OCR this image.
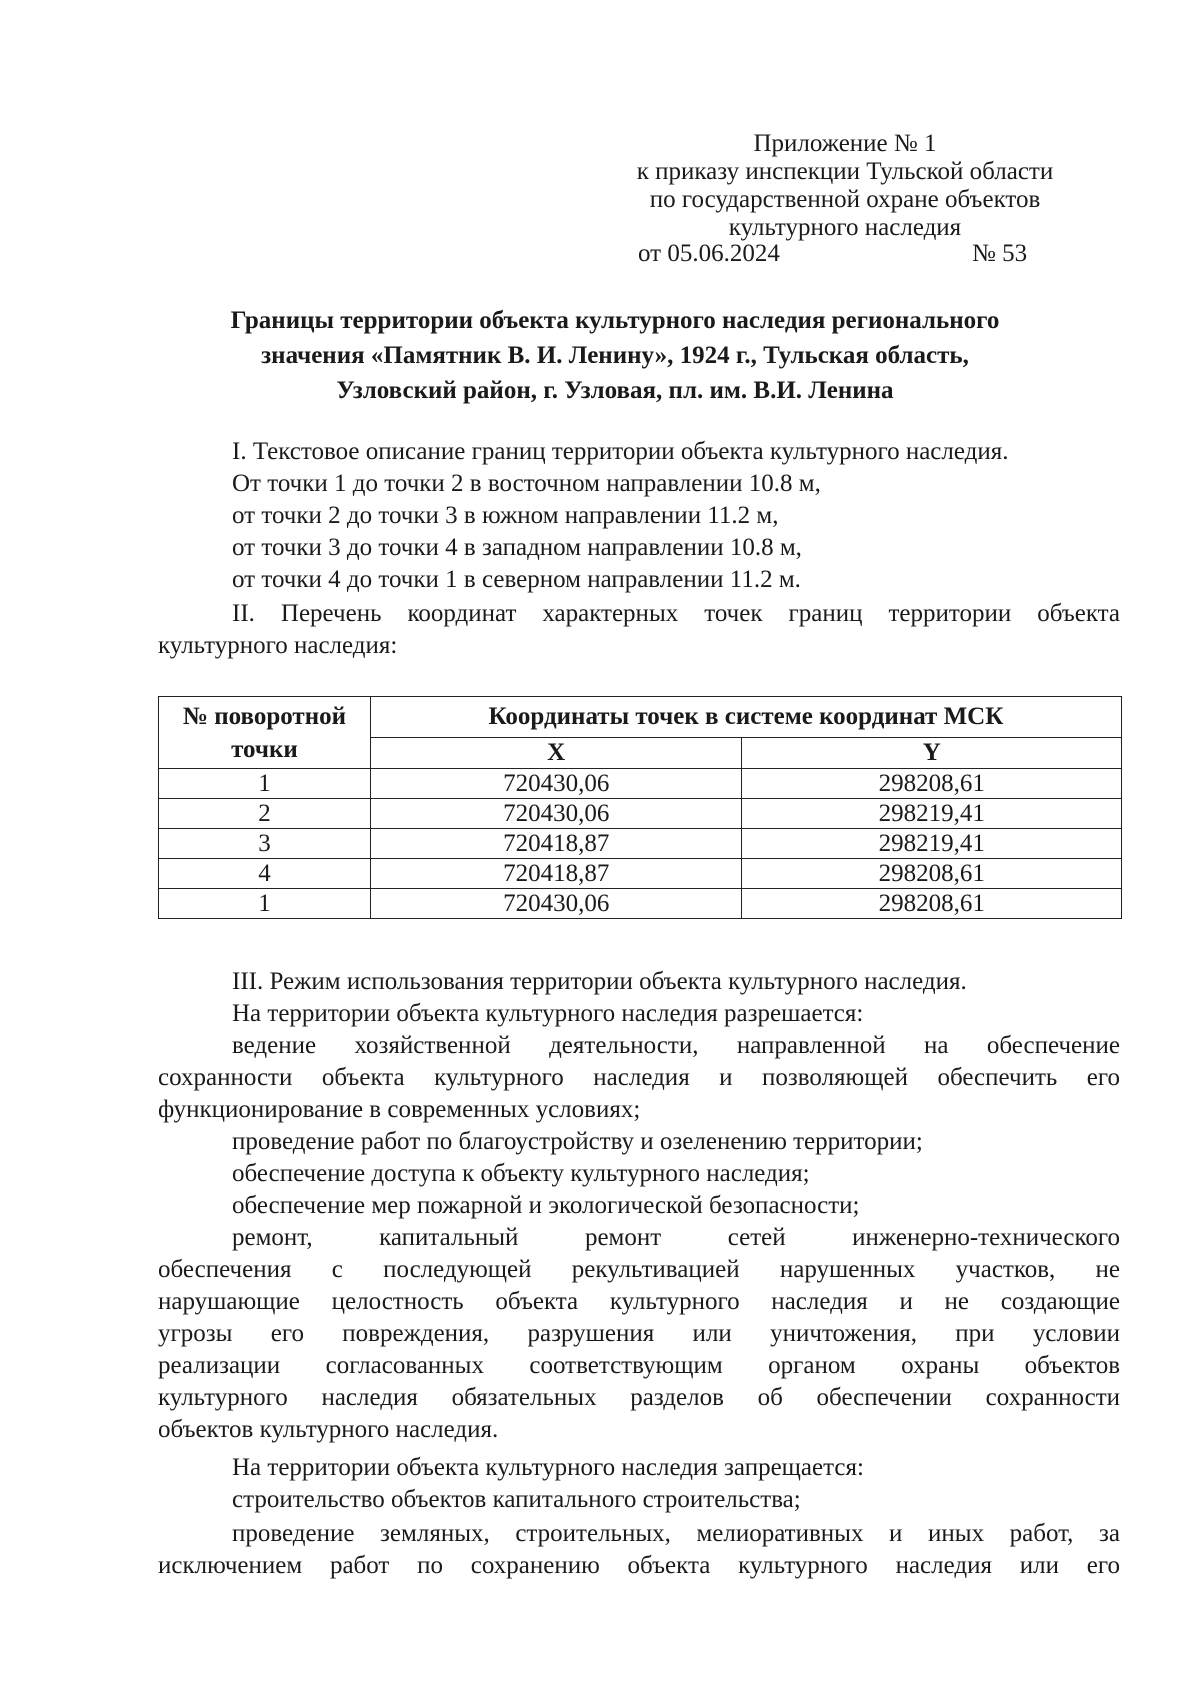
Приложение № 1
к приказу инспекции Тульской области
по государственной охране объектов
культурного наследия
от 05.06.2024	№ 53
Границы территории объекта культурного наследия регионального
значения «Памятник В. И. Ленину», 1924 г., Тульская область,
Узловский район, г. Узловая, пл. им. В.И. Ленина
I. Текстовое описание границ территории объекта культурного наследия.
От точки 1 до точки 2 в восточном направлении 10.8 м,
от точки 2 до точки 3 в южном направлении 11.2 м,
от точки 3 до точки 4 в западном направлении 10.8 м,
от точки 4 до точки 1 в северном направлении 11.2 м.
II. Перечень координат характерных точек границ территории объекта
культурного наследия:
№ поворотной точки	Координаты точек в системе координат МСК	
	X	Y
1	720430,06	298208,61
2	720430,06	298219,41
3	720418,87	298219,41
4	720418,87	298208,61
1	720430,06	298208,61
III. Режим использования территории объекта культурного наследия.
На территории объекта культурного наследия разрешается:
ведение хозяйственной деятельности, направленной на обеспечение
сохранности объекта культурного наследия и позволяющей обеспечить его
функционирование в современных условиях;
проведение работ по благоустройству и озеленению территории;
обеспечение доступа к объекту культурного наследия;
обеспечение мер пожарной и экологической безопасности;
ремонт, капитальный ремонт сетей инженерно-технического
обеспечения с последующей рекультивацией нарушенных участков, не
нарушающие целостность объекта культурного наследия и не создающие
угрозы его повреждения, разрушения или уничтожения, при условии
реализации согласованных соответствующим органом охраны объектов
культурного наследия обязательных разделов об обеспечении сохранности
объектов культурного наследия.
На территории объекта культурного наследия запрещается:
строительство объектов капитального строительства;
проведение земляных, строительных, мелиоративных и иных работ, за
исключением работ по сохранению объекта культурного наследия или его
